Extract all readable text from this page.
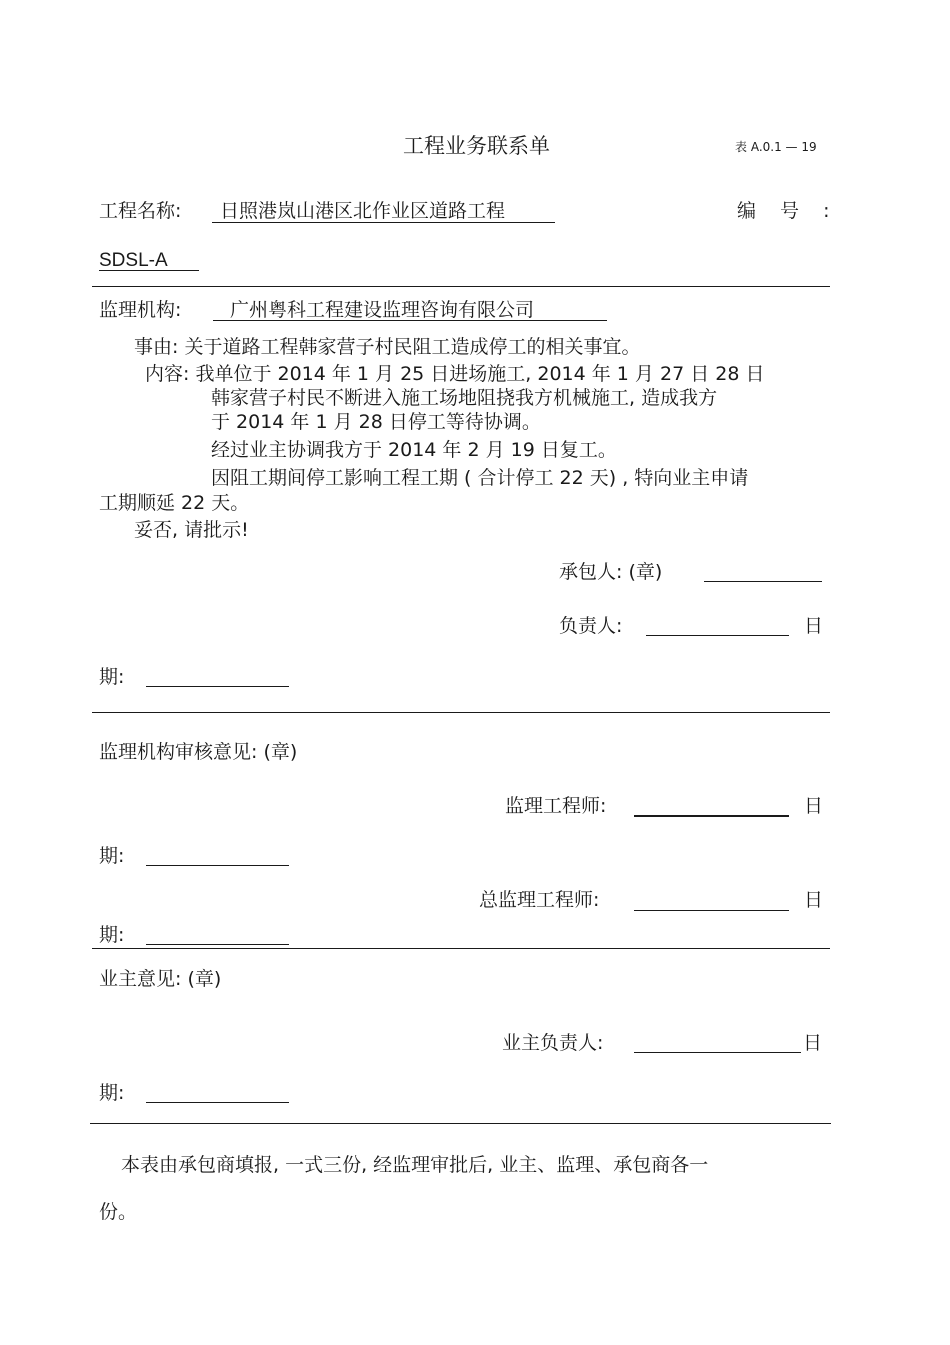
工程业务联系单	表 A.0.1 — 19
工程名称: 日照港岚山港区北作业区道路工程	编 号 :
SDSL-A
监理机构:	广州粤科工程建设监理咨询有限公司
事由: 关于道路工程韩家营子村民阻工造成停工的相关事宜。
内容: 我单位于 2014 年 1 月 25 日进场施工, 2014 年 1 月 27 日 28 日
韩家营子村民不断进入施工场地阻挠我方机械施工, 造成我方
于 2014 年 1 月 28 日停工等待协调。
经过业主协调我方于 2014 年 2 月 19 日复工。
因阻工期间停工影响工程工期 ( 合计停工 22 天) , 特向业主申请
工期顺延 22 天。
妥否, 请批示!
承包人: (章)
负责人:	日
期:
监理机构审核意见: (章)
监理工程师:	日
期:
总监理工程师:	日
期:
业主意见: (章)
业主负责人:	日
期:
本表由承包商填报, 一式三份, 经监理审批后, 业主、监理、承包商各一
份。
